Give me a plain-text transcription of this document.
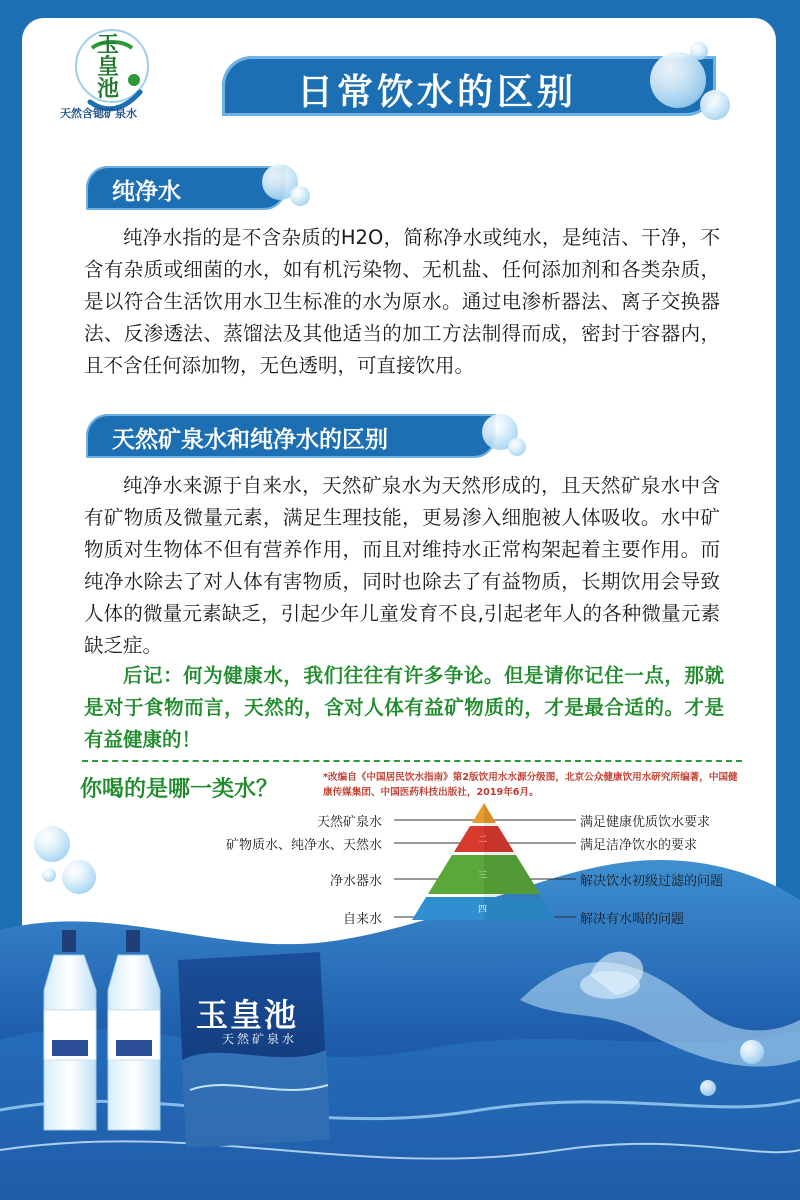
玉皇池
天然矿泉水
玉皇池
天然含锶矿泉水
日常饮水的区别
纯净水
纯净水指的是不含杂质的H2O，简称净水或纯水，是纯洁、干净，不含有杂质或细菌的水，如有机污染物、无机盐、任何添加剂和各类杂质，是以符合生活饮用水卫生标准的水为原水。通过电渗析器法、离子交换器法、反渗透法、蒸馏法及其他适当的加工方法制得而成，密封于容器内，且不含任何添加物，无色透明，可直接饮用。
天然矿泉水和纯净水的区别
纯净水来源于自来水，天然矿泉水为天然形成的，且天然矿泉水中含有矿物质及微量元素，满足生理技能，更易渗入细胞被人体吸收。水中矿物质对生物体不但有营养作用，而且对维持水正常构架起着主要作用。而纯净水除去了对人体有害物质，同时也除去了有益物质，长期饮用会导致人体的微量元素缺乏，引起少年儿童发育不良,引起老年人的各种微量元素缺乏症。
后记：何为健康水，我们往往有许多争论。但是请你记住一点，那就是对于食物而言，天然的，含对人体有益矿物质的，才是最合适的。才是有益健康的！
你喝的是哪一类水？	*改编自《中国居民饮水指南》第2版饮用水水源分级图，北京公众健康饮用水研究所编著，中国健康传媒集团、中国医药科技出版社，2019年6月。
二
三
四
天然矿泉水
矿物质水、纯净水、天然水
净水器水
自来水
满足健康优质饮水要求
满足洁净饮水的要求
解决饮水初级过滤的问题
解决有水喝的问题
